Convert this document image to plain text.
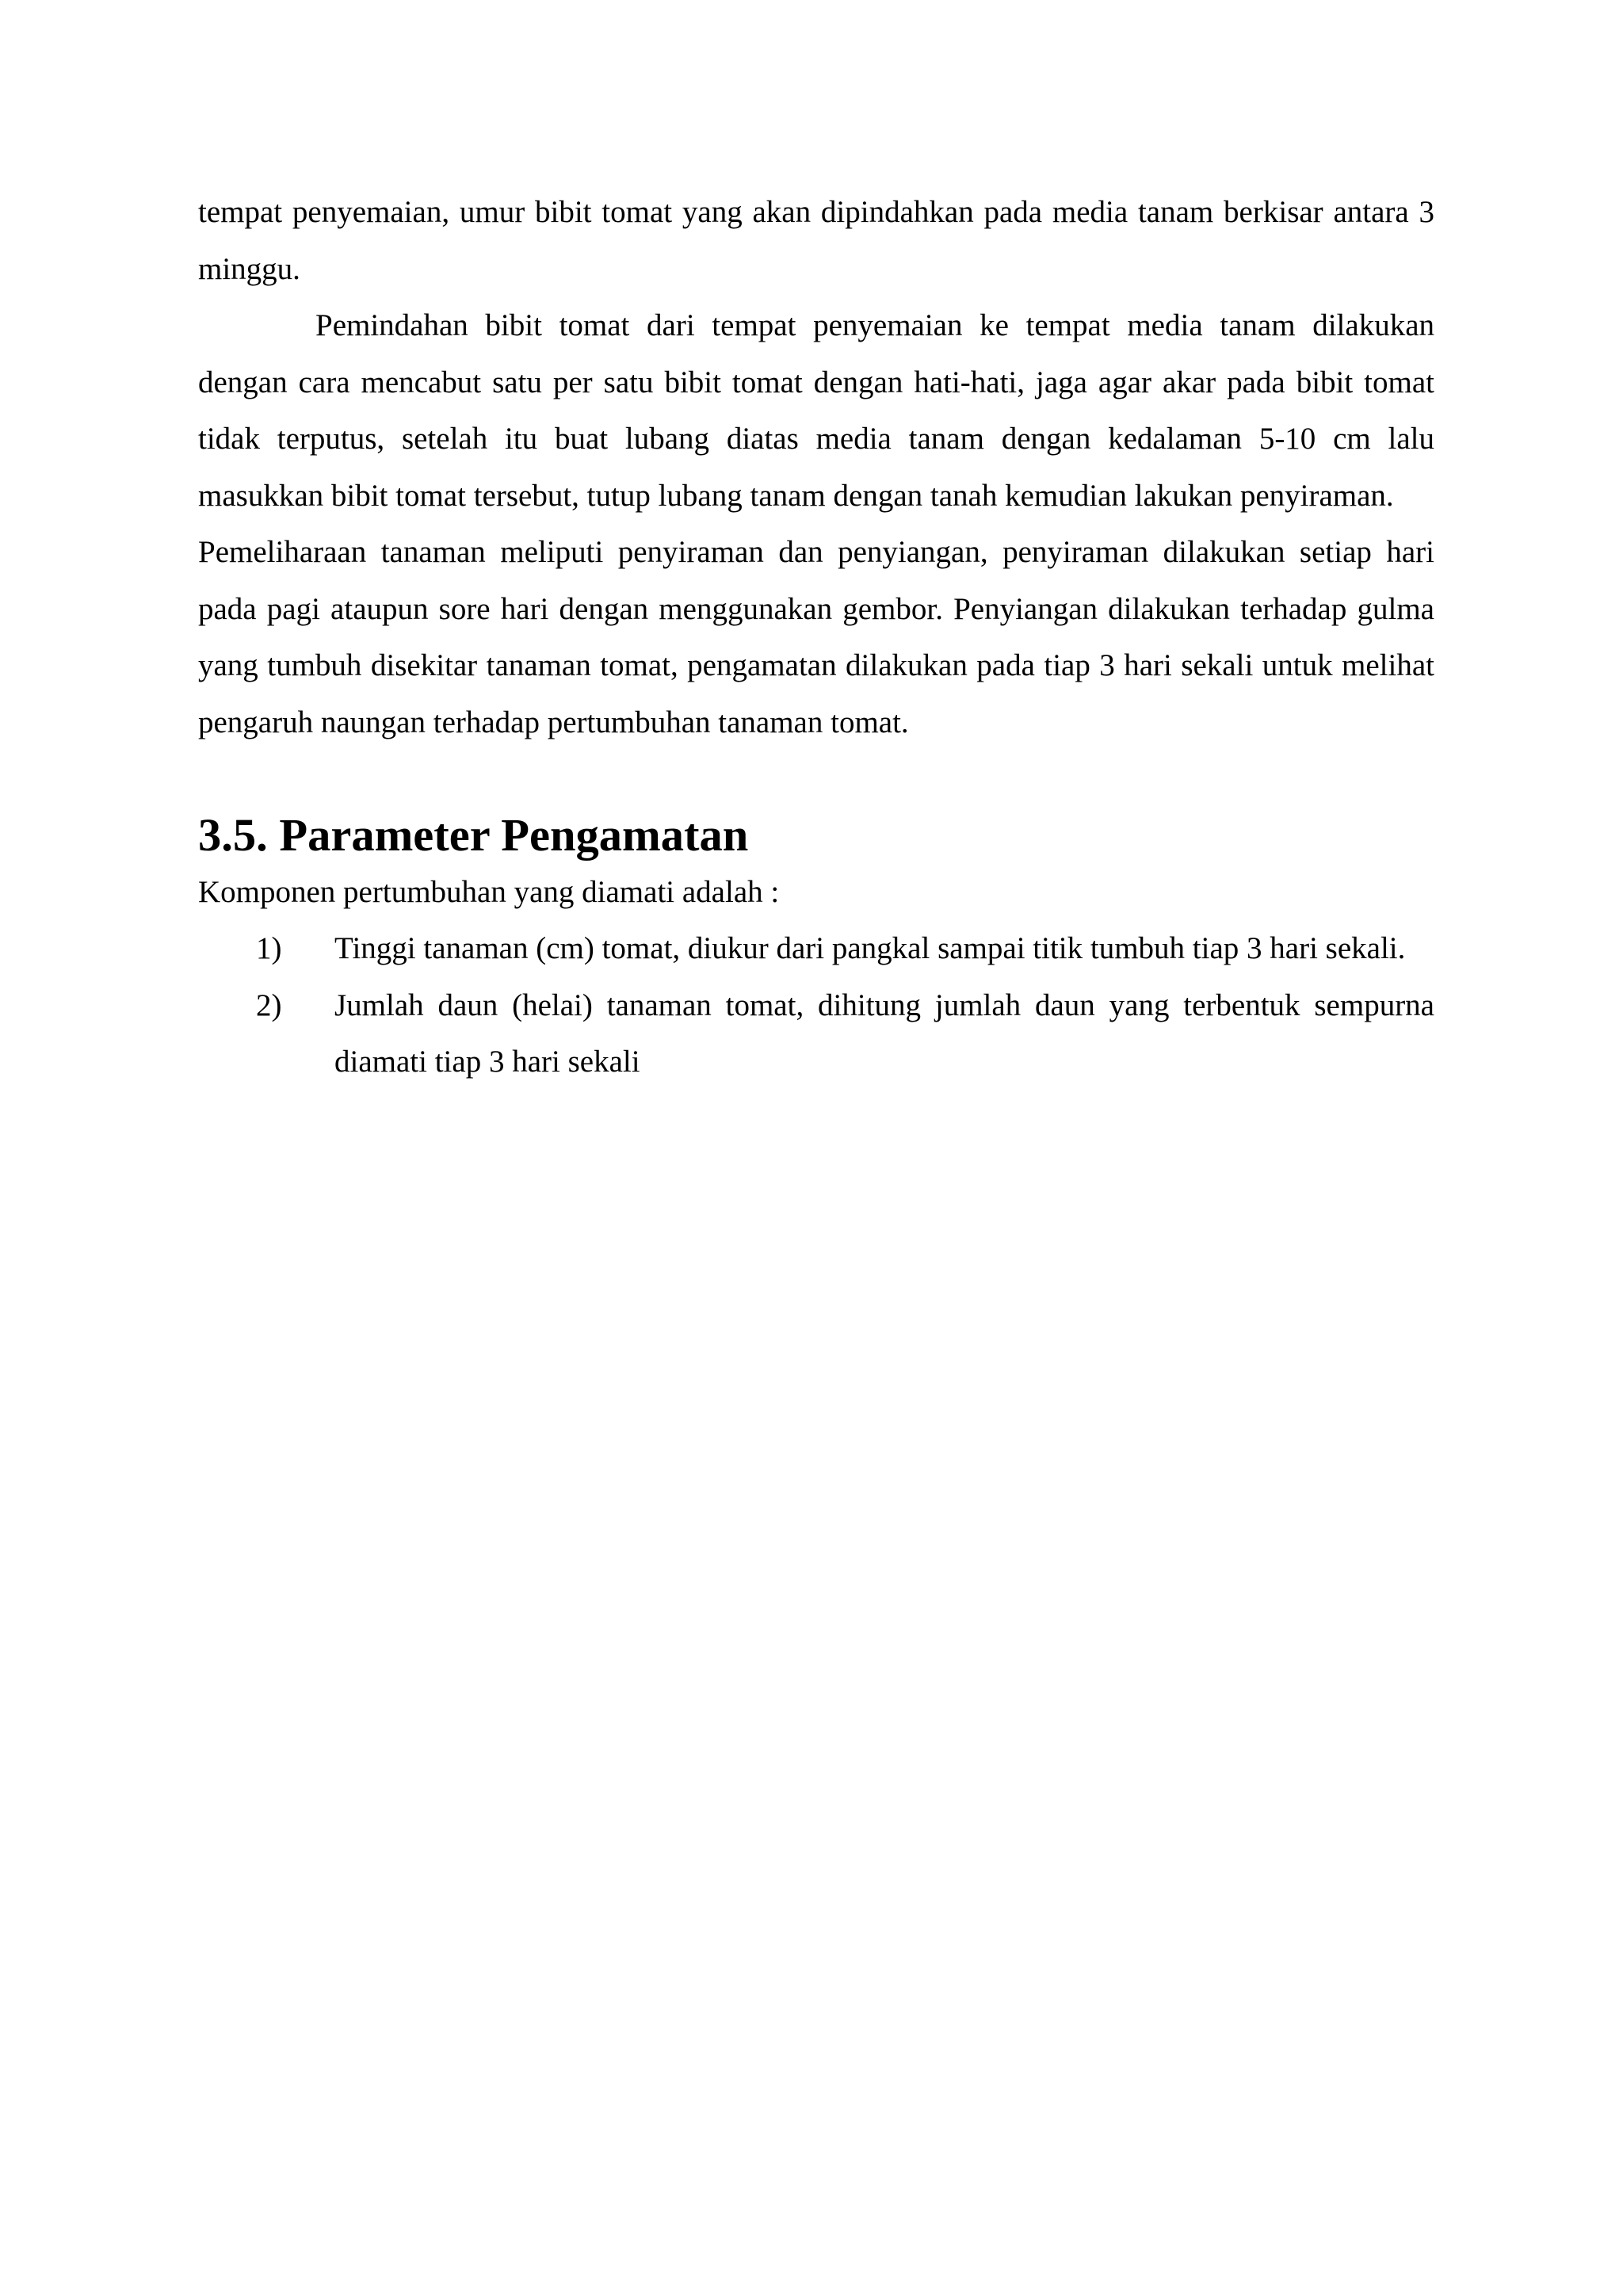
tempat penyemaian, umur bibit tomat yang akan dipindahkan pada media tanam berkisar antara 3 minggu.

Pemindahan bibit tomat dari tempat penyemaian ke tempat media tanam dilakukan dengan cara mencabut satu per satu bibit tomat dengan hati-hati, jaga agar akar pada bibit tomat tidak terputus, setelah itu buat lubang diatas media tanam dengan kedalaman 5-10 cm lalu masukkan bibit tomat tersebut, tutup lubang tanam dengan tanah kemudian lakukan penyiraman.

Pemeliharaan tanaman meliputi penyiraman dan penyiangan, penyiraman dilakukan setiap hari pada pagi ataupun sore hari dengan menggunakan gembor. Penyiangan dilakukan terhadap gulma yang tumbuh disekitar tanaman tomat, pengamatan dilakukan pada tiap 3 hari sekali untuk melihat pengaruh naungan terhadap pertumbuhan tanaman tomat.

3.5. Parameter Pengamatan

Komponen pertumbuhan yang diamati adalah :

1) Tinggi tanaman (cm) tomat, diukur dari pangkal sampai titik tumbuh tiap 3 hari sekali.
2) Jumlah daun (helai) tanaman tomat, dihitung jumlah daun yang terbentuk sempurna diamati tiap 3 hari sekali
